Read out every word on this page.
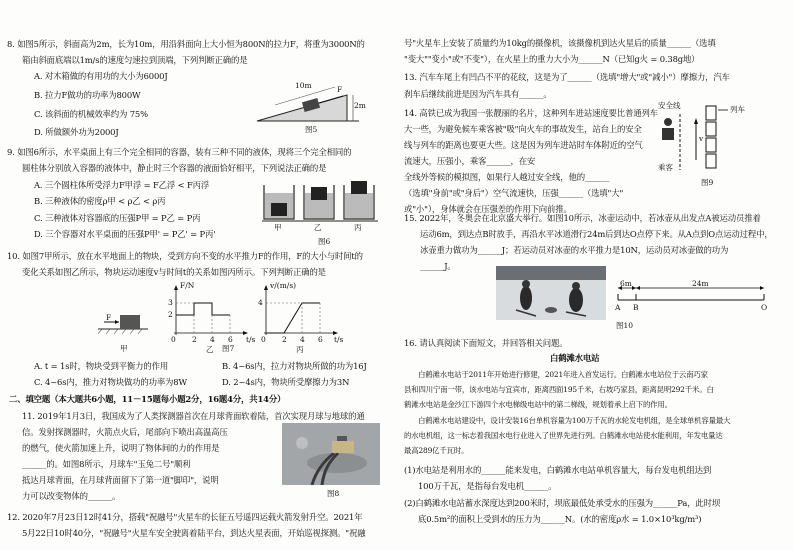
8. 如图5所示，斜面高为2m，长为10m，用沿斜面向上大小恒为800N的拉力F，将重为3000N的
箱由斜面底端以1m/s的速度匀速拉到顶端，下列判断正确的是
A. 对木箱做的有用功的大小为6000J
B. 拉力F做功的功率为800W
C. 该斜面的机械效率约为 75%
D. 所做额外功为2000J
10m
2m
F
图5
9. 如图6所示，水平桌面上有三个完全相同的容器，装有三种不同的液体，现将三个完全相同的
圆柱体分别放入容器的液体中，静止时三个容器的液面恰好相平，下列说法正确的是
A. 三个圆柱体所受浮力F甲浮 = F乙浮 < F丙浮
B. 三种液体的密度ρ甲 < ρ乙 < ρ丙
C. 三种液体对容器底的压强P甲 = P乙 = P丙
D. 三个容器对水平桌面的压强P甲' = P乙' = P丙'
甲	乙	丙
图6
10. 如图7甲所示，放在水平地面上的物块，受到方向不变的水平推力F的作用，F的大小与时间t的
变化关系如图乙所示，物块运动速度v与时间t的关系如图丙所示。下列判断正确的是
F
F/N
3
2
0 2 4 6 t/s
v/(m/s)
4
0 2 4 6 t/s
甲	乙	丙
图7
A. t = 1s时，物块受到平衡力的作用	B. 4~6s内，拉力对物块所做的功为16J
C. 4~6s内，推力对物块做功的功率为8W	D. 2~4s内，物块所受摩擦力为3N
二、填空题（本大题共6小题，11－15题每小题2分，16题4分，共14分）
11. 2019年1月3日，我国成为了人类探测器首次在月球背面软着陆，首次实现月球与地球的通
信。发射探测器时，火箭点火后，尾部向下喷出高温高压
的燃气，使火箭加速上升，说明了物体间的力的作用是
______的。如图8所示，月球车"玉兔二号"顺利
抵达月球背面，在月球背面留下了第一道"脚印"，说明
力可以改变物体的______。	图8
12. 2020年7月23日12时41分，搭载"祝融号"火星车的长征五号遥四运载火箭发射升空。2021年
5月22日10时40分，"祝融号"火星车安全驶离着陆平台，到达火星表面，开始巡视探测。"祝融
号"火星车上安装了质量约为10kg的摄像机，该摄像机到达火星后的质量______（选填
"变大""变小"或"不变"），在火星上的重力大小为______N（已知g火 = 0.38g地）
13. 汽车车尾上有凹凸不平的花纹，这是为了______（选填"增大"或"减小"）摩擦力，汽车
刹车后继续前进是因为汽车具有______。
14. 高铁已成为我国一张靓丽的名片，这种列车进站速度要比普通列车
大一些，为避免候车乘客被"吸"向火车的事故发生，站台上的安全
线与列车的距离也要更大些。这是因为列车进站时车体附近的空气
流速大，压强小，乘客______，在安
全线外等候的模拟图，如果行人越过安全线，他的______
（选填"身前"或"身后"）空气流速快，压强______（选填"大"
或"小"），身体就会在压强差的作用下向前推。
安全线	列车
乘客
v
图9
15. 2022年，冬奥会在北京盛大举行。如图10所示，冰壶运动中，若冰壶从出发点A被运动员推着
运动6m，到达点B时放手，再沿水平冰道滑行24m后到达O点停下来。从A点到O点运动过程中，
冰壶重力做功为______J；若运动员对冰壶的水平推力是10N，运动员对冰壶做的功为
______J。
6m	24m
A B	O
图10
16. 请认真阅读下面短文，并回答相关问题。
白鹤滩水电站
白鹤滩水电站于2011年开始进行修建，2021年进入首发运行。白鹤滩水电站位于云南巧家
县和四川宁南一带，该水电站与宜宾市，距离西面195千米，右坡巧家县，距离昆明292千米。白
鹤滩水电站是金沙江下游四个水电梯级电站中的第二梯级，规划着承上启下的作用。
白鹤滩水电站建设中，设计安装16台单机容量为100万千瓦的水轮发电机组，是全球单机容量最大
的水电机组，这一标志着我国水电行业进入了世界先进行列。白鹤滩水电站使水能利用，年发电量达
最高289亿千瓦时。
(1)水电站是利用水的______能来发电，白鹤滩水电站单机容量大，每台发电机组达到
100万千瓦，是指每台发电机______。
(2)白鹤滩水电站蓄水深度达到200米时，坝底最低处承受水的压强为______Pa，此时坝
底0.5m²的面积上受到水的压力为______N。(水的密度ρ水 = 1.0×10³kg/m³)
